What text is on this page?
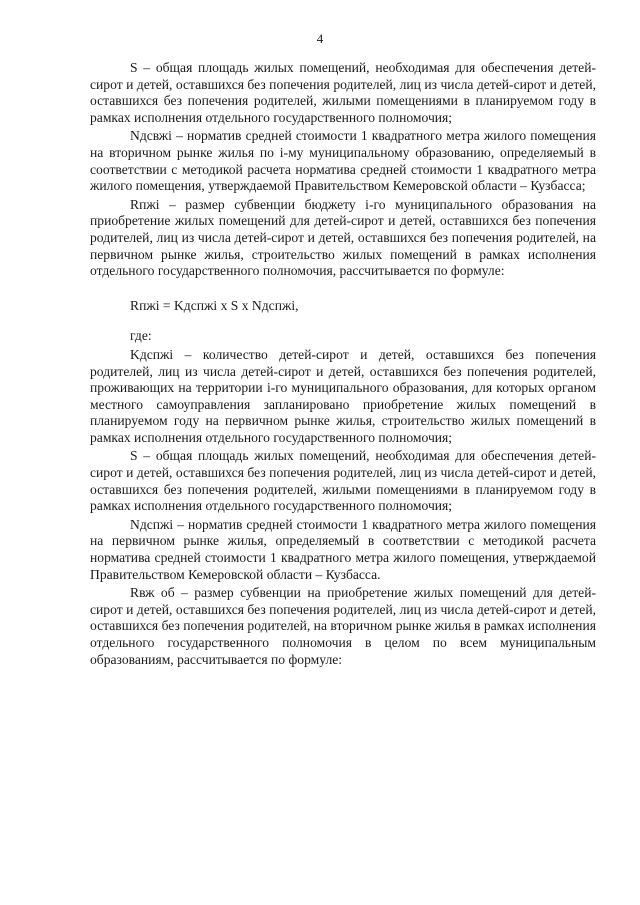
4

S – общая площадь жилых помещений, необходимая для обеспечения детей-сирот и детей, оставшихся без попечения родителей, лиц из числа детей-сирот и детей, оставшихся без попечения родителей, жилыми помещениями в планируемом году в рамках исполнения отдельного государственного полномочия;

Nдсвжi – норматив средней стоимости 1 квадратного метра жилого помещения на вторичном рынке жилья по i-му муниципальному образованию, определяемый в соответствии с методикой расчета норматива средней стоимости 1 квадратного метра жилого помещения, утверждаемой Правительством Кемеровской области – Кузбасса;

Rпжi – размер субвенции бюджету i-го муниципального образования на приобретение жилых помещений для детей-сирот и детей, оставшихся без попечения родителей, лиц из числа детей-сирот и детей, оставшихся без попечения родителей, на первичном рынке жилья, строительство жилых помещений в рамках исполнения отдельного государственного полномочия, рассчитывается по формуле:

Rпжi = Kдспжi x S x Nдспжi,

где:

Kдспжi – количество детей-сирот и детей, оставшихся без попечения родителей, лиц из числа детей-сирот и детей, оставшихся без попечения родителей, проживающих на территории i-го муниципального образования, для которых органом местного самоуправления запланировано приобретение жилых помещений в планируемом году на первичном рынке жилья, строительство жилых помещений в рамках исполнения отдельного государственного полномочия;

S – общая площадь жилых помещений, необходимая для обеспечения детей-сирот и детей, оставшихся без попечения родителей, лиц из числа детей-сирот и детей, оставшихся без попечения родителей, жилыми помещениями в планируемом году в рамках исполнения отдельного государственного полномочия;

Nдспжi – норматив средней стоимости 1 квадратного метра жилого помещения на первичном рынке жилья, определяемый в соответствии с методикой расчета норматива средней стоимости 1 квадратного метра жилого помещения, утверждаемой Правительством Кемеровской области – Кузбасса.

Rвж об – размер субвенции на приобретение жилых помещений для детей-сирот и детей, оставшихся без попечения родителей, лиц из числа детей-сирот и детей, оставшихся без попечения родителей, на вторичном рынке жилья в рамках исполнения отдельного государственного полномочия в целом по всем муниципальным образованиям, рассчитывается по формуле:
